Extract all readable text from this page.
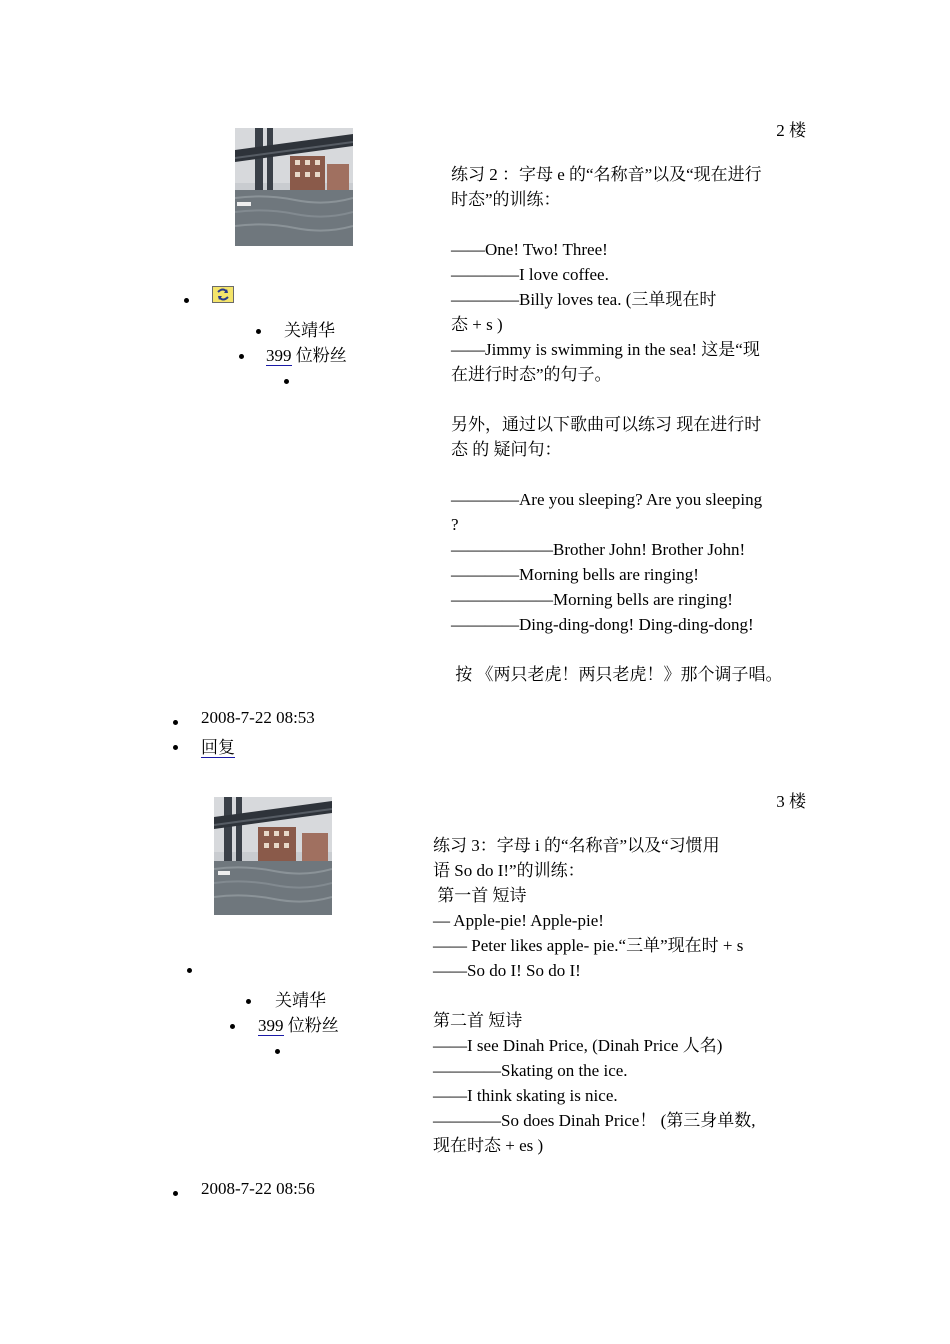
2 楼
关靖华
399 位粉丝
练习 2 ：字母 e 的“名称音”以及“现在进行
时态”的训练：
——One! Two! Three!
————I love coffee.
————Billy loves tea. (三单现在时
态 + s )
——Jimmy is swimming in the sea! 这是“现
在进行时态”的句子。
另外，通过以下歌曲可以练习 现在进行时
态 的 疑问句：
————Are you sleeping? Are you sleeping
?
——————Brother John! Brother John!
————Morning bells are ringing!
——————Morning bells are ringing!
————Ding-ding-dong! Ding-ding-dong!
按 《两只老虎！两只老虎！》那个调子唱。
2008-7-22 08:53
回复
3 楼
关靖华
399 位粉丝
练习 3：字母 i 的“名称音”以及“习惯用
语 So do I!”的训练：
第一首 短诗
— Apple-pie! Apple-pie!
—— Peter likes apple- pie.“三单”现在时 + s
——So do I! So do I!
第二首 短诗
——I see Dinah Price, (Dinah Price 人名)
————Skating on the ice.
——I think skating is nice.
————So does Dinah Price！ (第三身单数,
现在时态 + es )
2008-7-22 08:56
